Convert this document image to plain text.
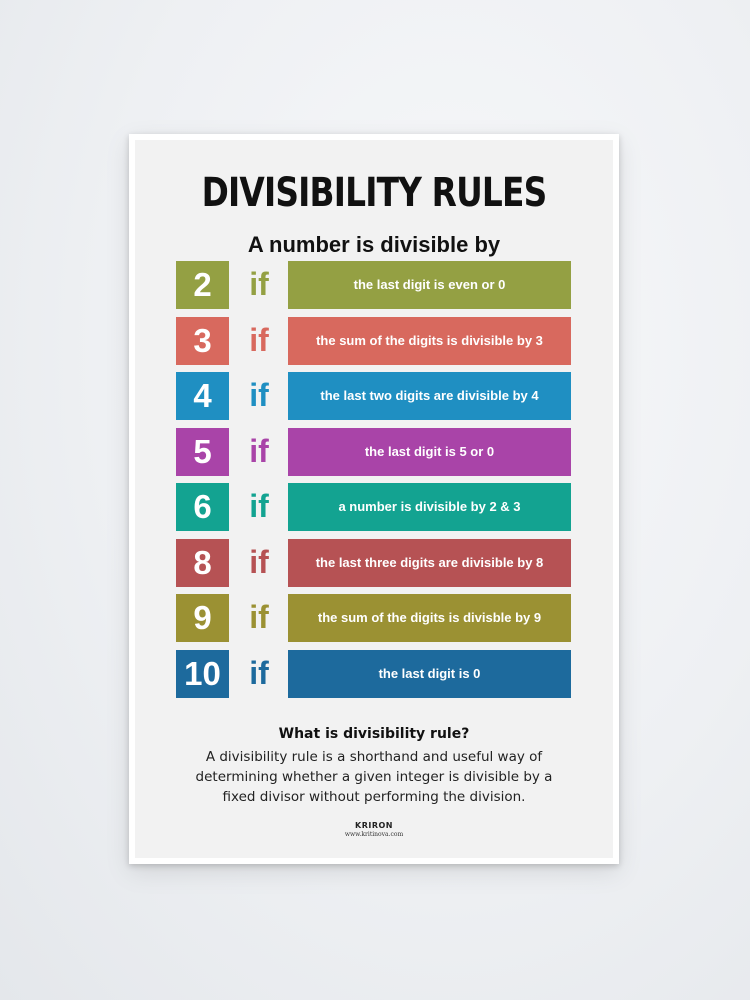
DIVISIBILITY RULES
A number is divisible by
2	if	the last digit is even or 0
3	if	the sum of the digits is divisible by 3
4	if	the last two digits are divisible by 4
5	if	the last digit is 5 or 0
6	if	a number is divisible by 2 & 3
8	if	the last three digits are divisible by 8
9	if	the sum of the digits is divisble by 9
10 if	the last digit is 0
What is divisibility rule?
A divisibility rule is a shorthand and useful way of determining whether a given integer is divisible by a fixed divisor without performing the division.
KRIRON
www.kritinova.com
